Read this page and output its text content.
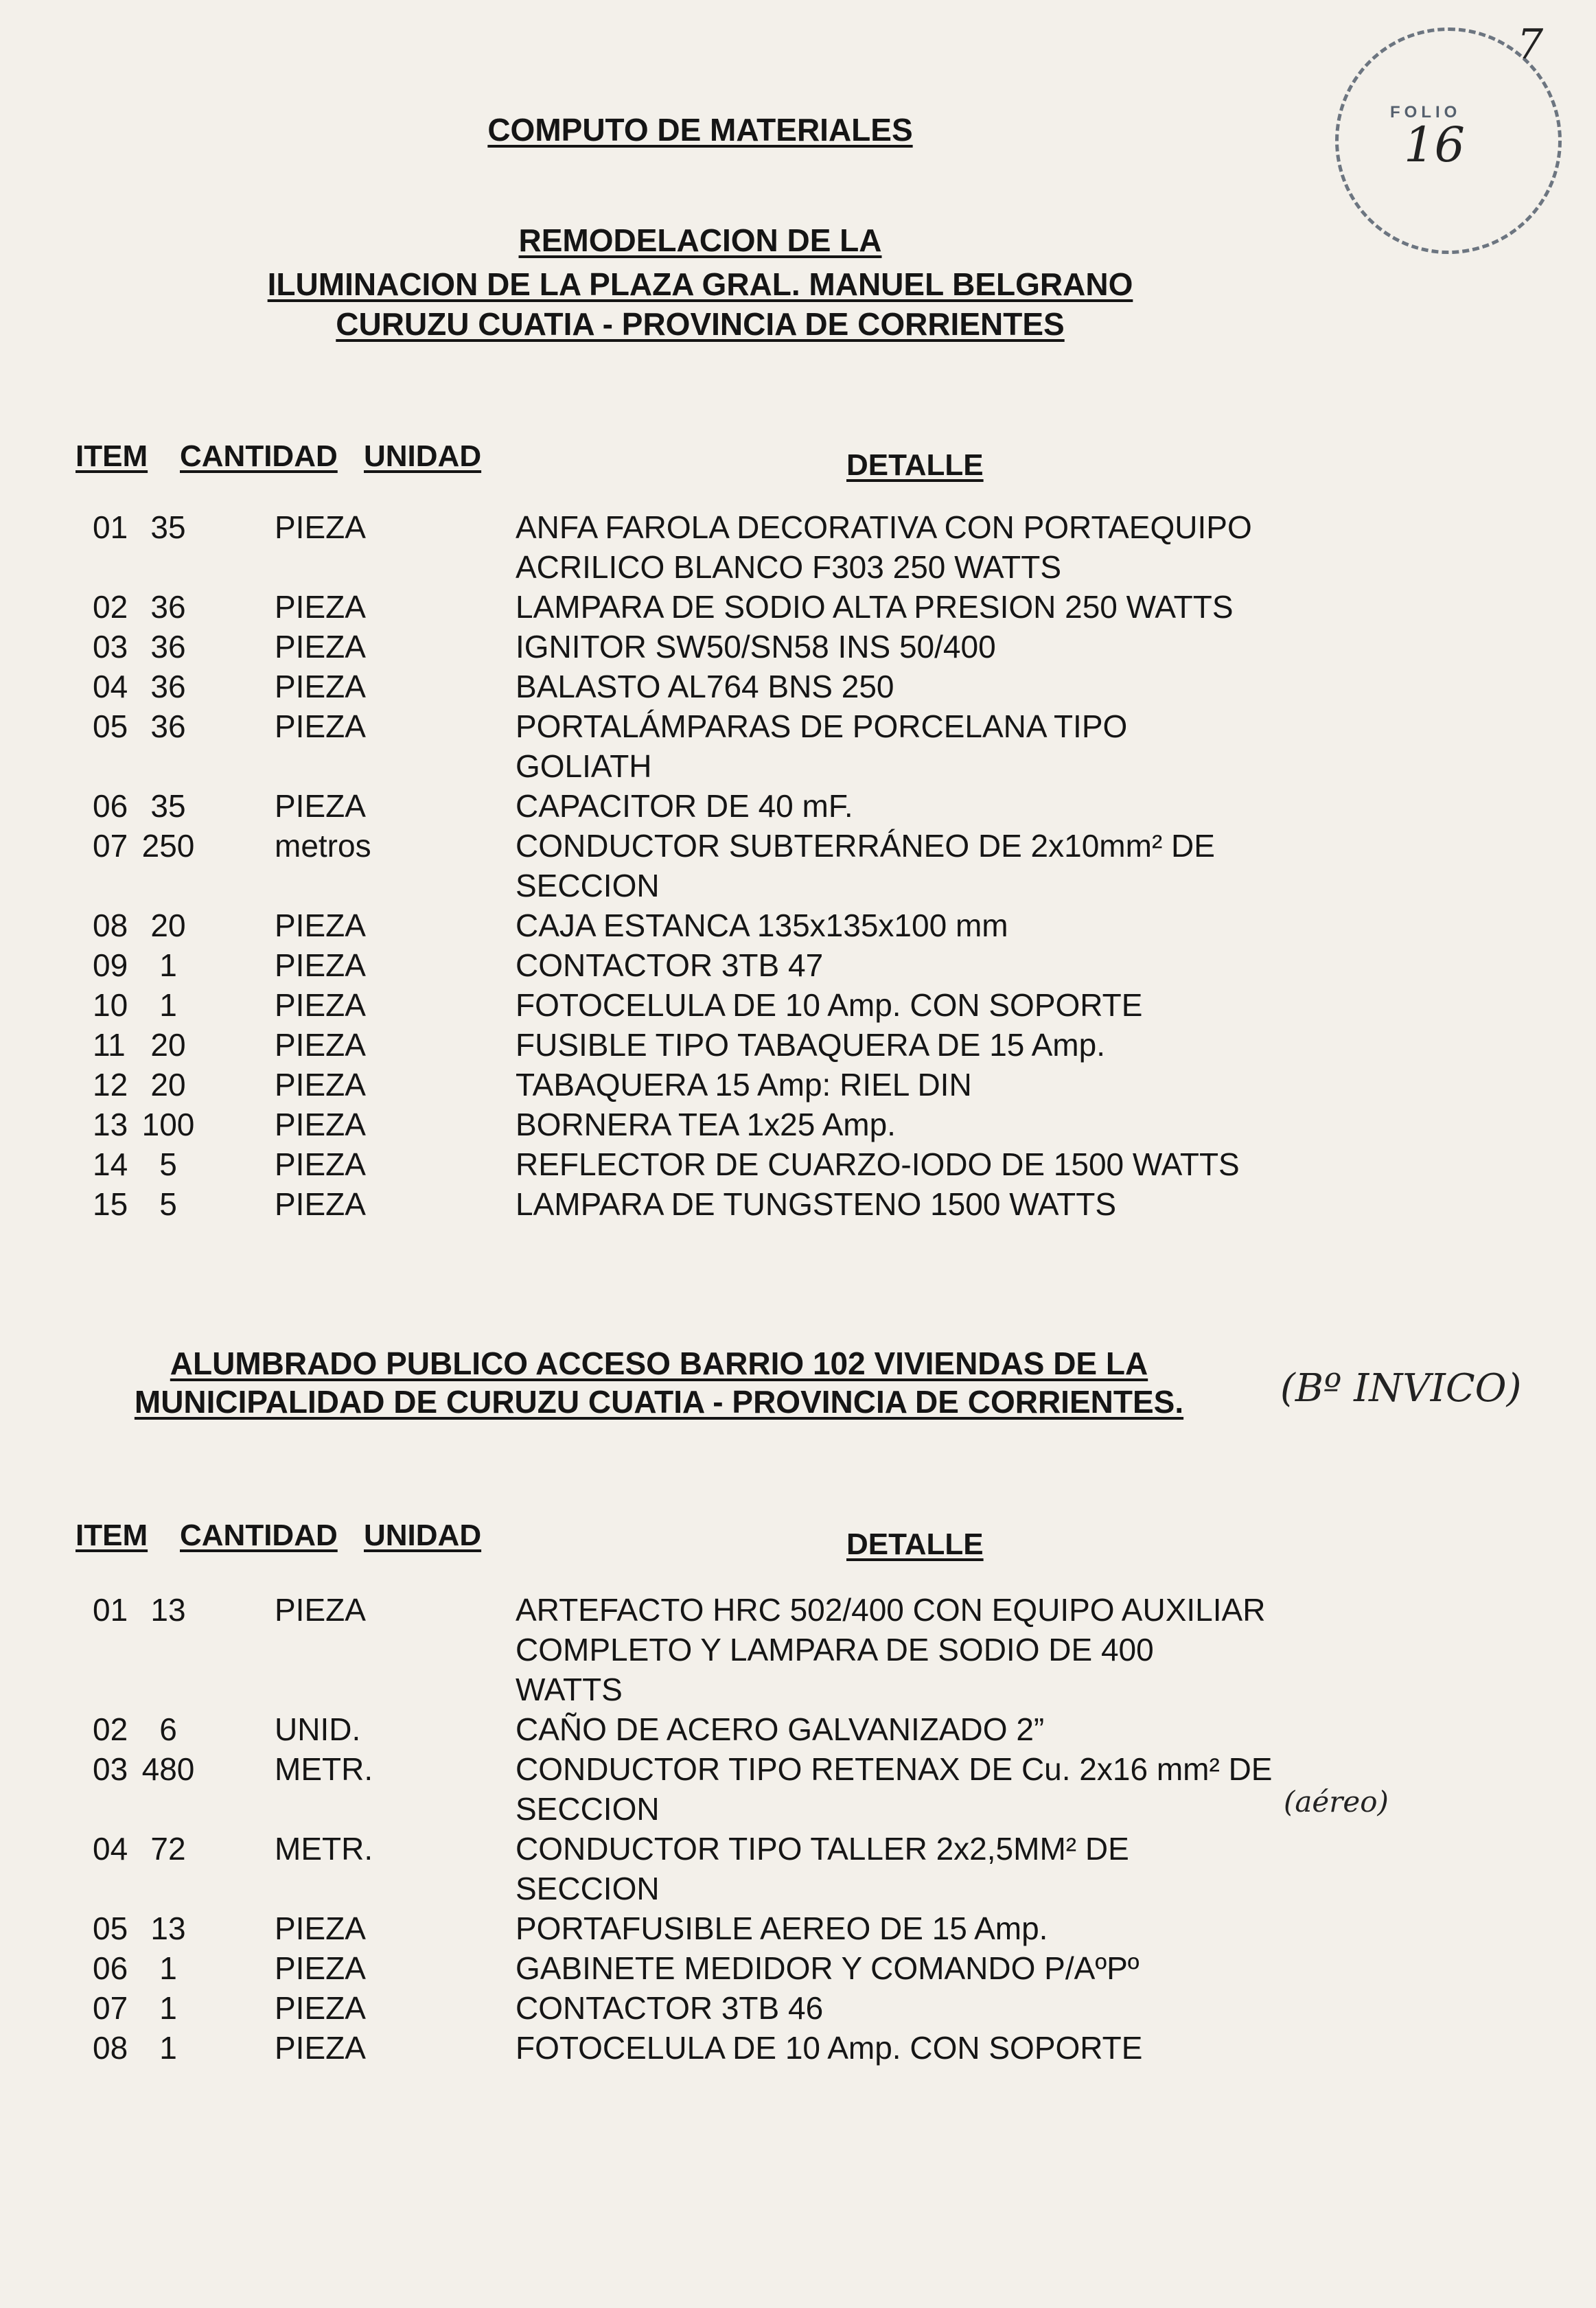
16
FOLIO
7
COMPUTO DE MATERIALES
REMODELACION DE LA
ILUMINACION DE LA PLAZA GRAL. MANUEL BELGRANO
CURUZU CUATIA - PROVINCIA DE CORRIENTES
ITEM CANTIDAD UNIDAD	DETALLE
01 35	PIEZA	ANFA FAROLA DECORATIVA CON PORTAEQUIPO
ACRILICO BLANCO F303 250 WATTS
02 36	PIEZA	LAMPARA DE SODIO ALTA PRESION 250 WATTS
03 36	PIEZA	IGNITOR SW50/SN58 INS 50/400
04 36	PIEZA	BALASTO AL764 BNS 250
05 36	PIEZA	PORTALÁMPARAS DE PORCELANA TIPO
GOLIATH
06 35	PIEZA	CAPACITOR DE 40 mF.
07 250	metros	CONDUCTOR SUBTERRÁNEO DE 2x10mm² DE
SECCION
08 20	PIEZA	CAJA ESTANCA 135x135x100 mm
09	1	PIEZA	CONTACTOR 3TB 47
10	1	PIEZA	FOTOCELULA DE 10 Amp. CON SOPORTE
11 20	PIEZA	FUSIBLE TIPO TABAQUERA DE 15 Amp.
12 20	PIEZA	TABAQUERA 15 Amp: RIEL DIN
13 100	PIEZA	BORNERA TEA 1x25 Amp.
14	5	PIEZA	REFLECTOR DE CUARZO-IODO DE 1500 WATTS
15	5	PIEZA	LAMPARA DE TUNGSTENO 1500 WATTS
ALUMBRADO PUBLICO ACCESO BARRIO 102 VIVIENDAS DE LA
MUNICIPALIDAD DE CURUZU CUATIA - PROVINCIA DE CORRIENTES.	(Bº INVICO)
ITEM CANTIDAD UNIDAD	DETALLE
01 13	PIEZA	ARTEFACTO HRC 502/400 CON EQUIPO AUXILIAR
COMPLETO Y LAMPARA DE SODIO DE 400
WATTS
02	6	UNID.	CAÑO DE ACERO GALVANIZADO 2”
03 480	METR.	CONDUCTOR TIPO RETENAX DE Cu. 2x16 mm² DE
SECCION
04 72	METR.	CONDUCTOR TIPO TALLER 2x2,5MM² DE
SECCION
05 13	PIEZA	PORTAFUSIBLE AEREO DE 15 Amp.
06	1	PIEZA	GABINETE MEDIDOR Y COMANDO P/AºPº
07	1	PIEZA	CONTACTOR 3TB 46
08	1	PIEZA	FOTOCELULA DE 10 Amp. CON SOPORTE
(aéreo)
